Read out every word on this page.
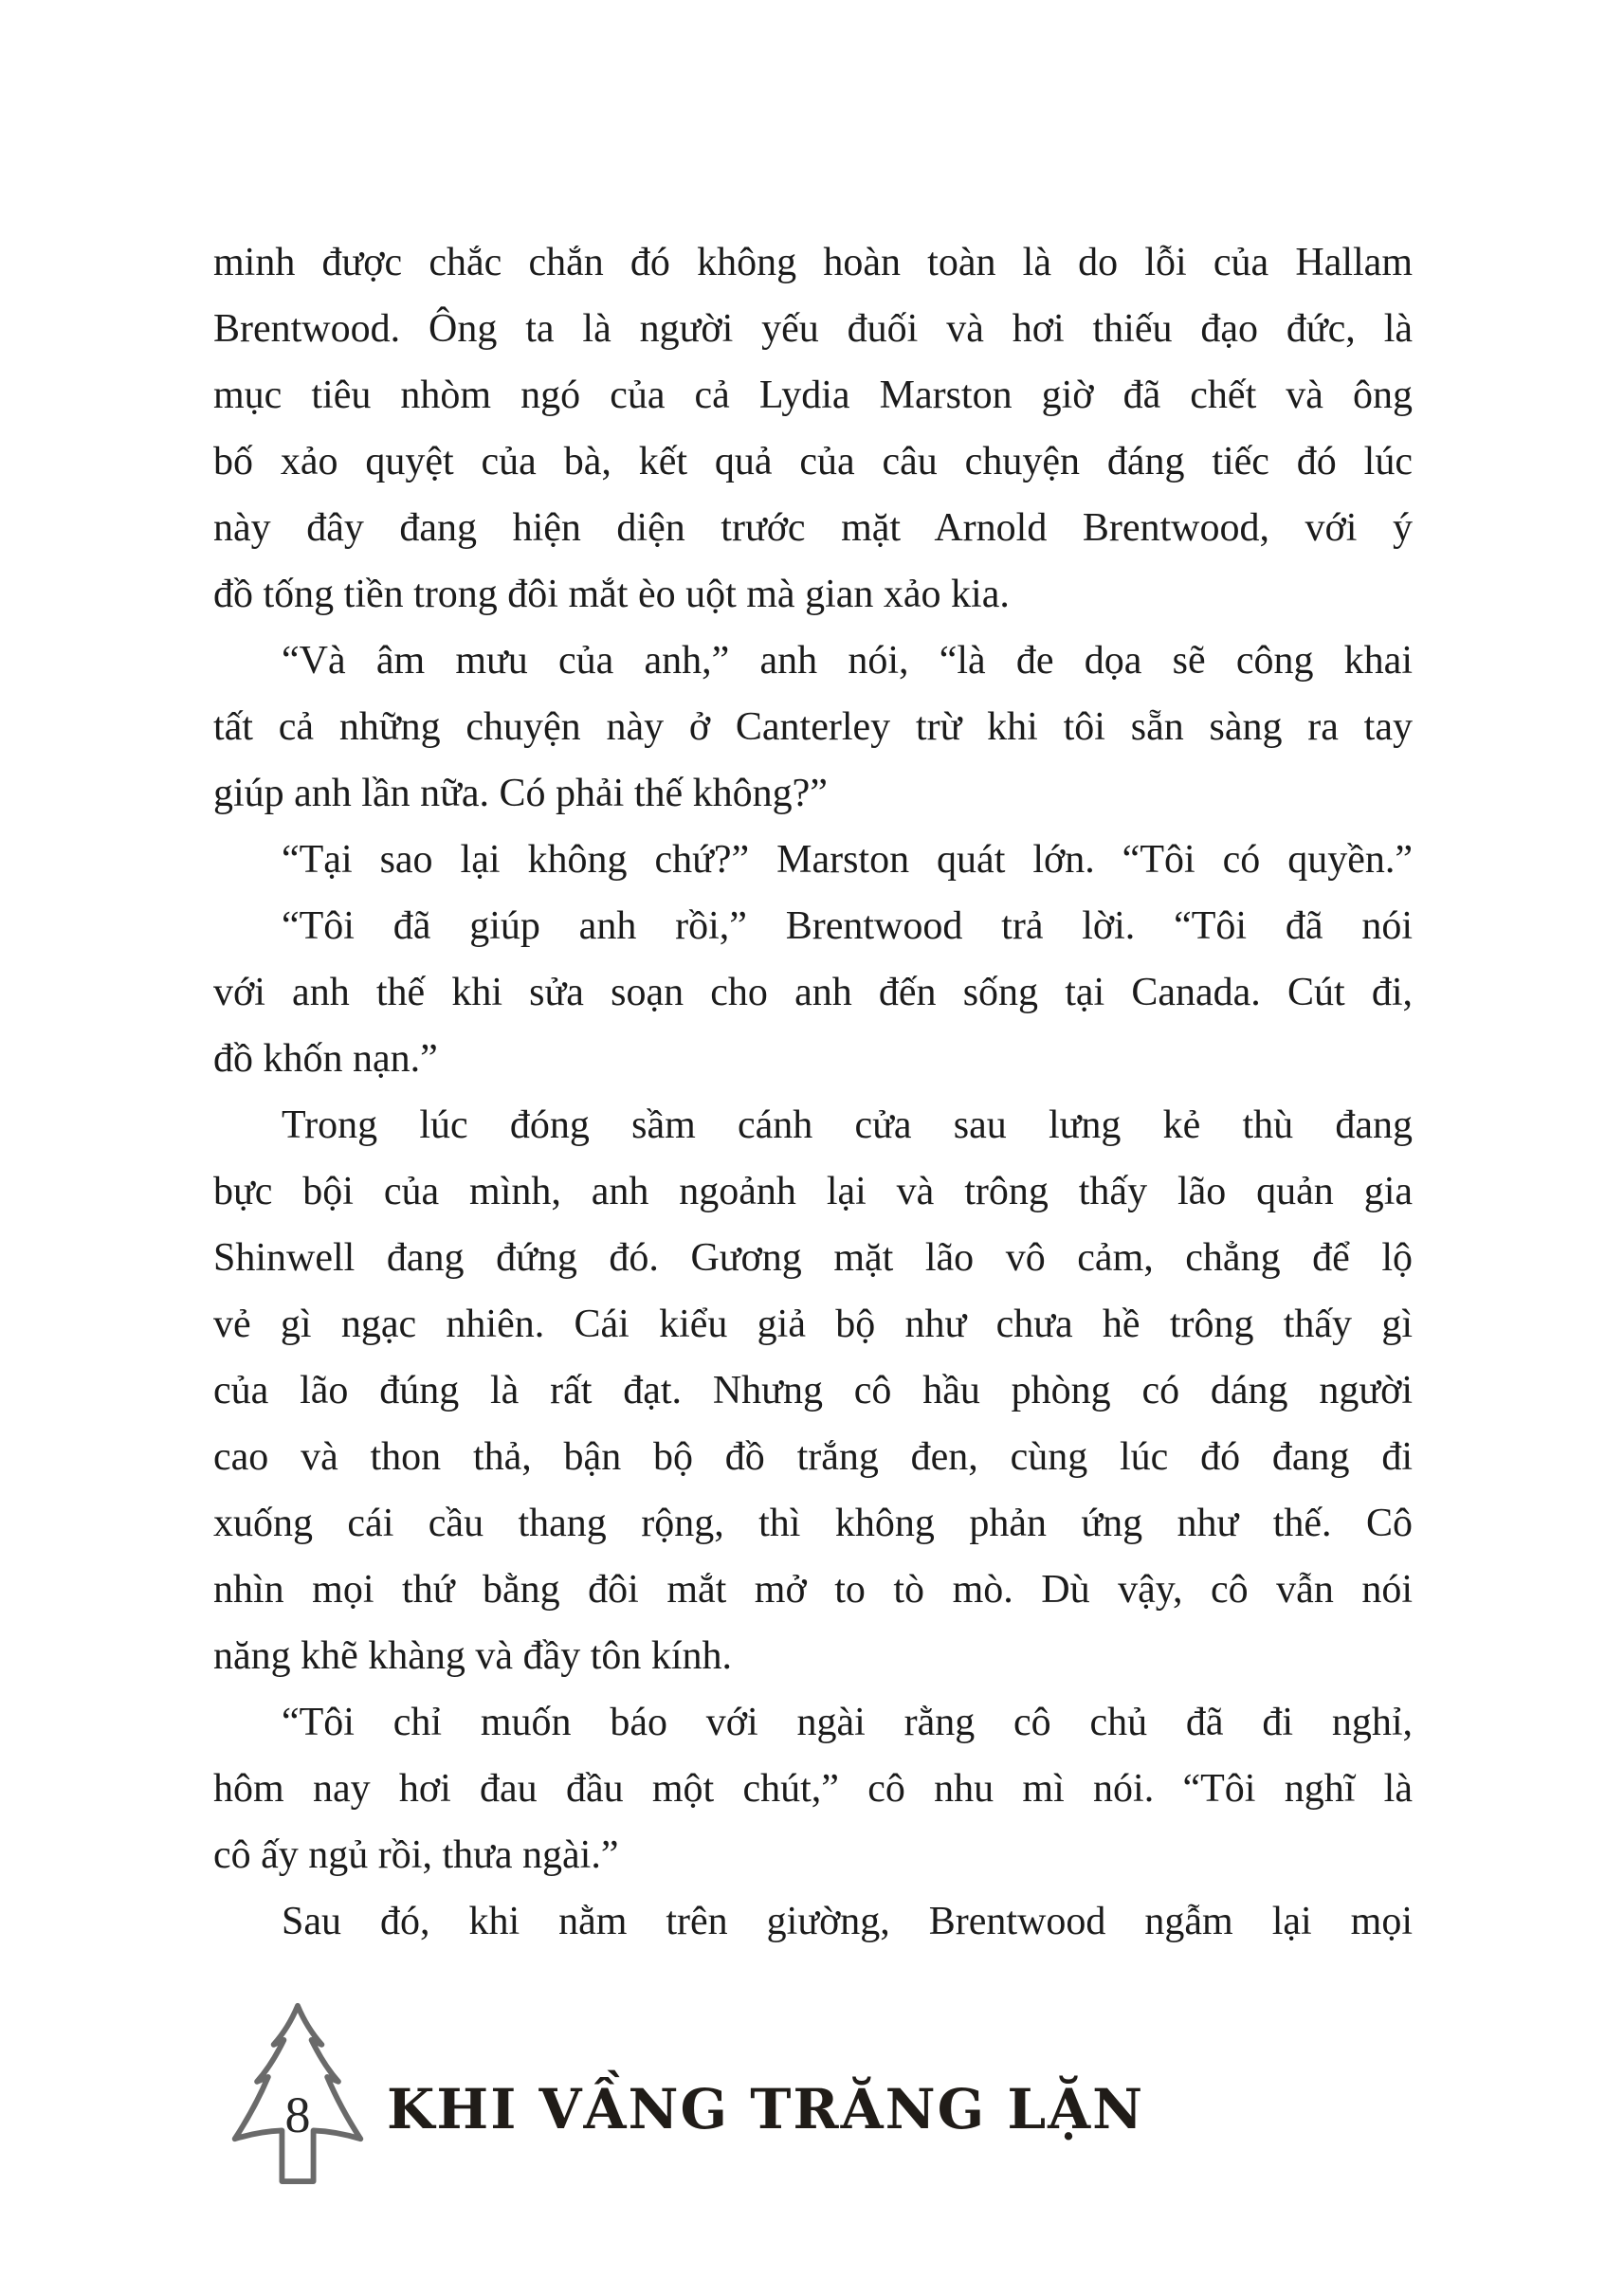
minh được chắc chắn đó không hoàn toàn là do lỗi của Hallam
Brentwood. Ông ta là người yếu đuối và hơi thiếu đạo đức, là
mục tiêu nhòm ngó của cả Lydia Marston giờ đã chết và ông
bố xảo quyệt của bà, kết quả của câu chuyện đáng tiếc đó lúc
này đây đang hiện diện trước mặt Arnold Brentwood, với ý
đồ tống tiền trong đôi mắt èo uột mà gian xảo kia.
“Và âm mưu của anh,” anh nói, “là đe dọa sẽ công khai
tất cả những chuyện này ở Canterley trừ khi tôi sẵn sàng ra tay
giúp anh lần nữa. Có phải thế không?”
“Tại sao lại không chứ?” Marston quát lớn. “Tôi có quyền.”
“Tôi đã giúp anh rồi,” Brentwood trả lời. “Tôi đã nói
với anh thế khi sửa soạn cho anh đến sống tại Canada. Cút đi,
đồ khốn nạn.”
Trong lúc đóng sầm cánh cửa sau lưng kẻ thù đang
bực bội của mình, anh ngoảnh lại và trông thấy lão quản gia
Shinwell đang đứng đó. Gương mặt lão vô cảm, chẳng để lộ
vẻ gì ngạc nhiên. Cái kiểu giả bộ như chưa hề trông thấy gì
của lão đúng là rất đạt. Nhưng cô hầu phòng có dáng người
cao và thon thả, bận bộ đồ trắng đen, cùng lúc đó đang đi
xuống cái cầu thang rộng, thì không phản ứng như thế. Cô
nhìn mọi thứ bằng đôi mắt mở to tò mò. Dù vậy, cô vẫn nói
năng khẽ khàng và đầy tôn kính.
“Tôi chỉ muốn báo với ngài rằng cô chủ đã đi nghỉ,
hôm nay hơi đau đầu một chút,” cô nhu mì nói. “Tôi nghĩ là
cô ấy ngủ rồi, thưa ngài.”
Sau đó, khi nằm trên giường, Brentwood ngẫm lại mọi
8 KHI VẦNG TRĂNG LẶN
